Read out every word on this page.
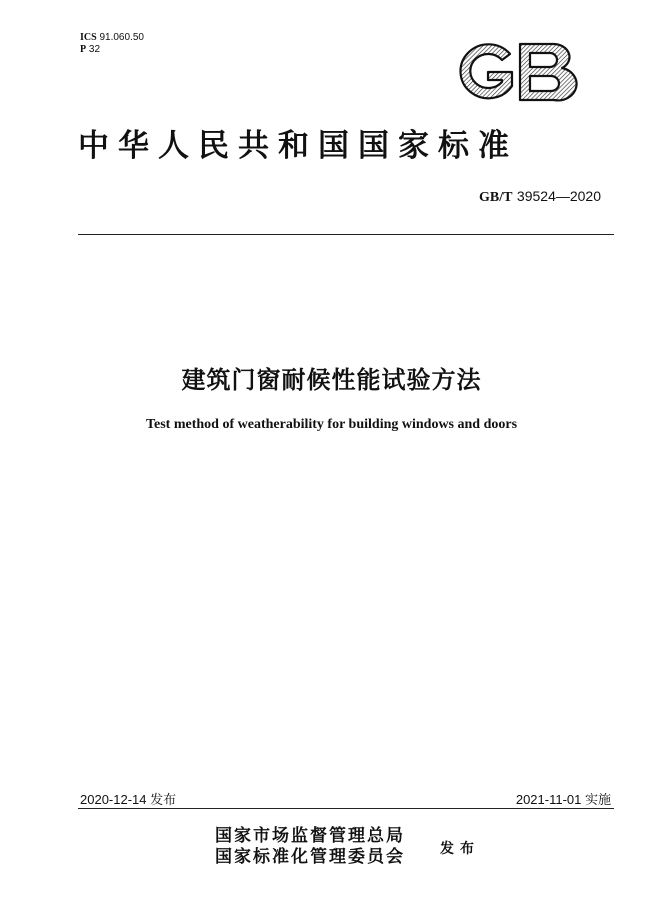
ICS 91.060.50
P 32
中华人民共和国国家标准
GB/T 39524—2020
建筑门窗耐候性能试验方法
Test method of weatherability for building windows and doors
2020-12-14 发布	2021-11-01 实施
国家市场监督管理总局
国家标准化管理委员会	发布
